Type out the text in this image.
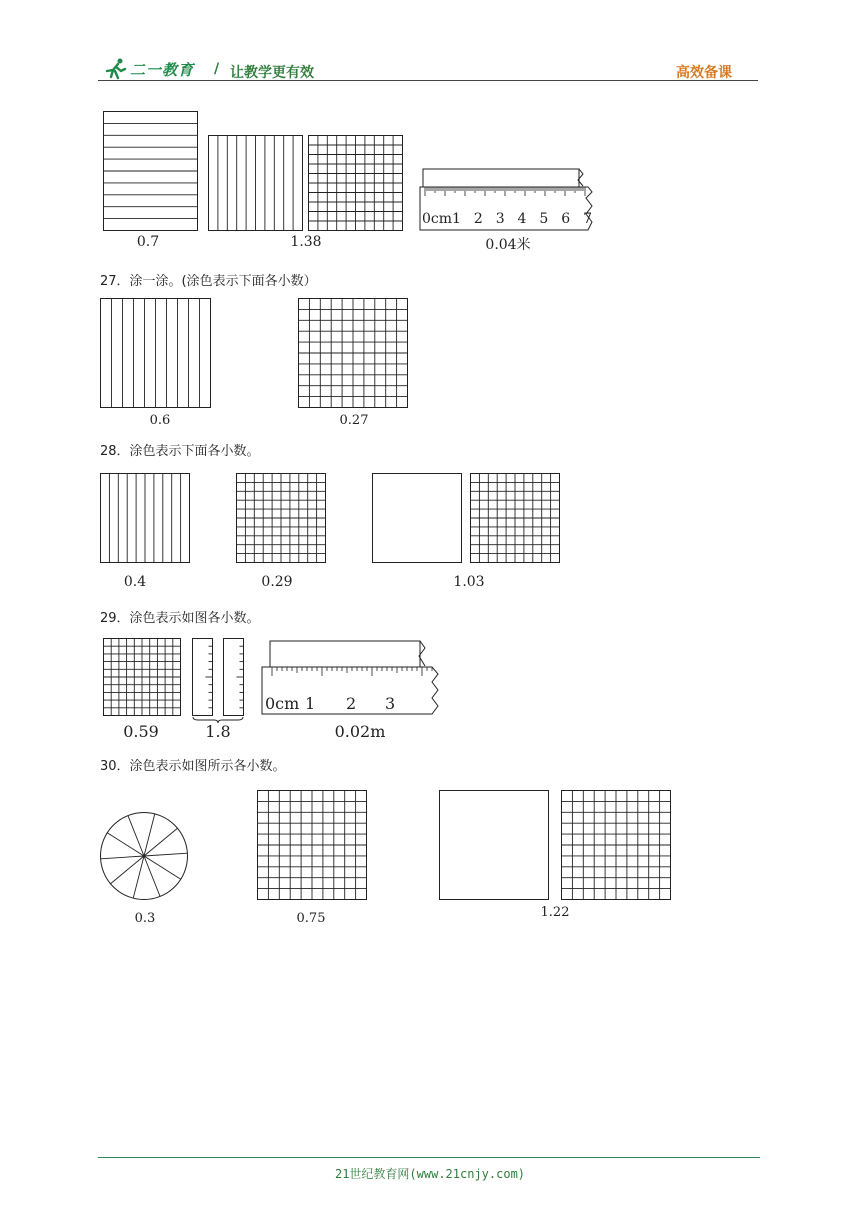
二一教育 / 让教学更有效	高效备课
0cm1 2 3 4 5 6 7
0.7	1.38	0.04米
27．涂一涂。(涂色表示下面各小数）
0.6	0.27
28．涂色表示下面各小数。
0.4	0.29	1.03
29．涂色表示如图各小数。
0cm 1 2 3
0.59	1.8	0.02m
30．涂色表示如图所示各小数。
0.3	0.75	1.22
21世纪教育网(www.21cnjy.com)
